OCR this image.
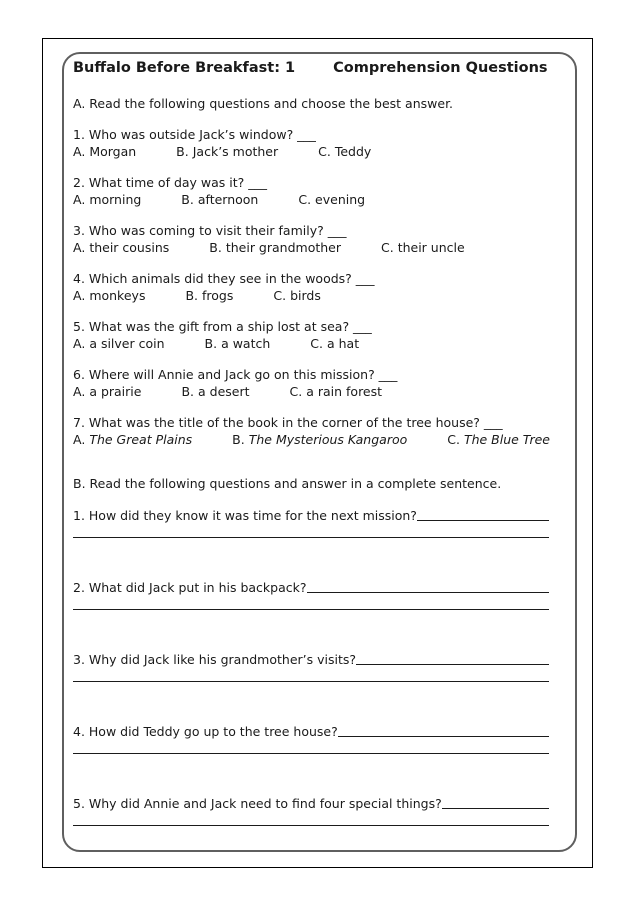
Buffalo Before Breakfast: 1	Comprehension Questions
A. Read the following questions and choose the best answer.
1. Who was outside Jack’s window? ___
A. Morgan	B. Jack’s mother	C. Teddy
2. What time of day was it? ___
A. morning	B. afternoon	C. evening
3. Who was coming to visit their family? ___
A. their cousins	B. their grandmother	C. their uncle
4. Which animals did they see in the woods? ___
A. monkeys	B. frogs	C. birds
5. What was the gift from a ship lost at sea? ___
A. a silver coin	B. a watch	C. a hat
6. Where will Annie and Jack go on this mission? ___
A. a prairie	B. a desert	C. a rain forest
7. What was the title of the book in the corner of the tree house? ___
A. The Great Plains	B. The Mysterious Kangaroo	C. The Blue Tree
B. Read the following questions and answer in a complete sentence.
1. How did they know it was time for the next mission?
2. What did Jack put in his backpack?
3. Why did Jack like his grandmother’s visits?
4. How did Teddy go up to the tree house?
5. Why did Annie and Jack need to find four special things?
